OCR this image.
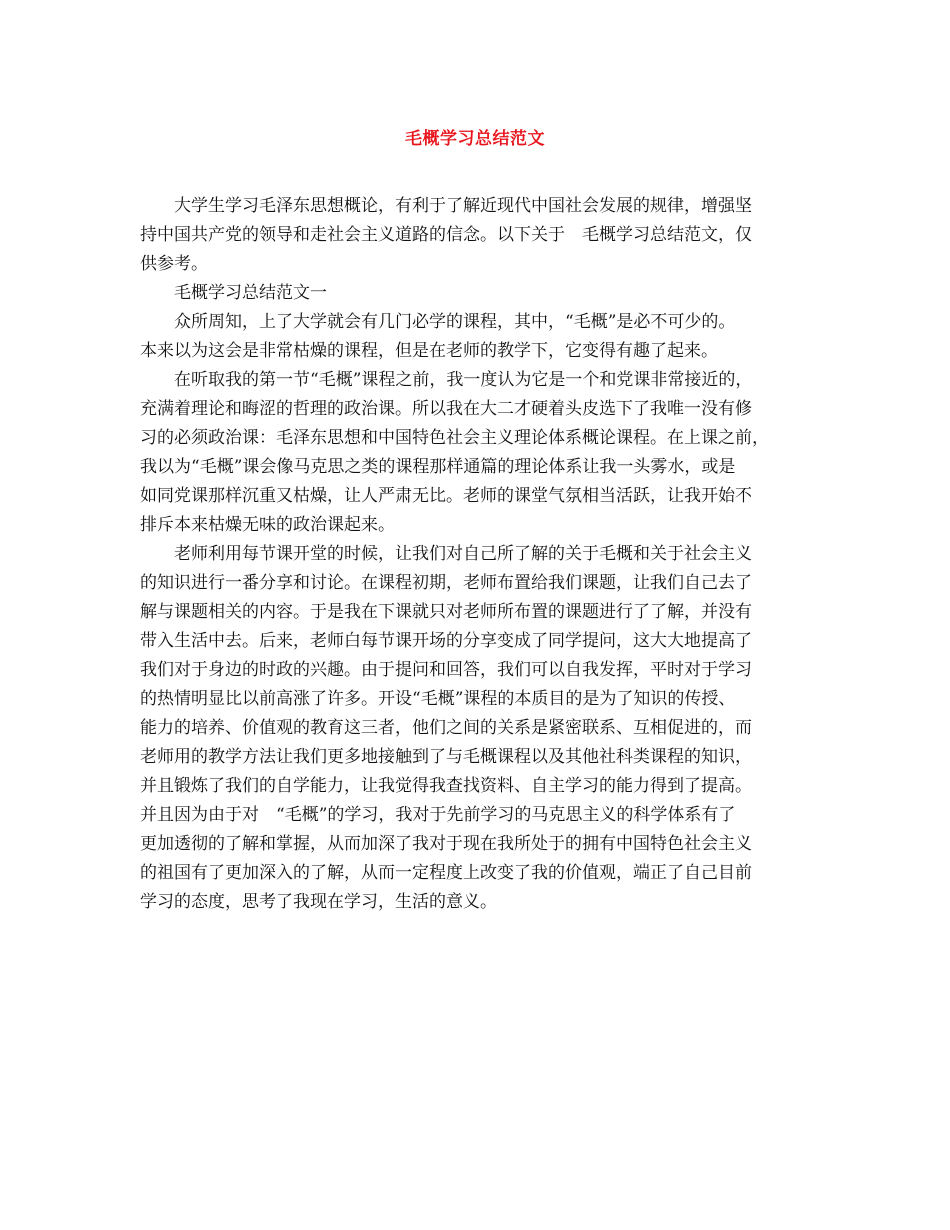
毛概学习总结范文
大学生学习毛泽东思想概论，有利于了解近现代中国社会发展的规律，增强坚
持中国共产党的领导和走社会主义道路的信念。以下关于　毛概学习总结范文，仅
供参考。
毛概学习总结范文一
众所周知，上了大学就会有几门必学的课程，其中，“毛概”是必不可少的。
本来以为这会是非常枯燥的课程，但是在老师的教学下，它变得有趣了起来。
在听取我的第一节“毛概”课程之前，我一度认为它是一个和党课非常接近的，
充满着理论和晦涩的哲理的政治课。所以我在大二才硬着头皮选下了我唯一没有修
习的必须政治课：毛泽东思想和中国特色社会主义理论体系概论课程。在上课之前，
我以为“毛概”课会像马克思之类的课程那样通篇的理论体系让我一头雾水，或是
如同党课那样沉重又枯燥，让人严肃无比。老师的课堂气氛相当活跃，让我开始不
排斥本来枯燥无味的政治课起来。
老师利用每节课开堂的时候，让我们对自己所了解的关于毛概和关于社会主义
的知识进行一番分享和讨论。在课程初期，老师布置给我们课题，让我们自己去了
解与课题相关的内容。于是我在下课就只对老师所布置的课题进行了了解，并没有
带入生活中去。后来，老师白每节课开场的分享变成了同学提问，这大大地提高了
我们对于身边的时政的兴趣。由于提问和回答，我们可以自我发挥，平时对于学习
的热情明显比以前高涨了许多。开设“毛概”课程的本质目的是为了知识的传授、
能力的培养、价值观的教育这三者，他们之间的关系是紧密联系、互相促进的，而
老师用的教学方法让我们更多地接触到了与毛概课程以及其他社科类课程的知识，
并且锻炼了我们的自学能力，让我觉得我查找资料、自主学习的能力得到了提高。
并且因为由于对　“毛概”的学习，我对于先前学习的马克思主义的科学体系有了
更加透彻的了解和掌握，从而加深了我对于现在我所处于的拥有中国特色社会主义
的祖国有了更加深入的了解，从而一定程度上改变了我的价值观，端正了自己目前
学习的态度，思考了我现在学习，生活的意义。
